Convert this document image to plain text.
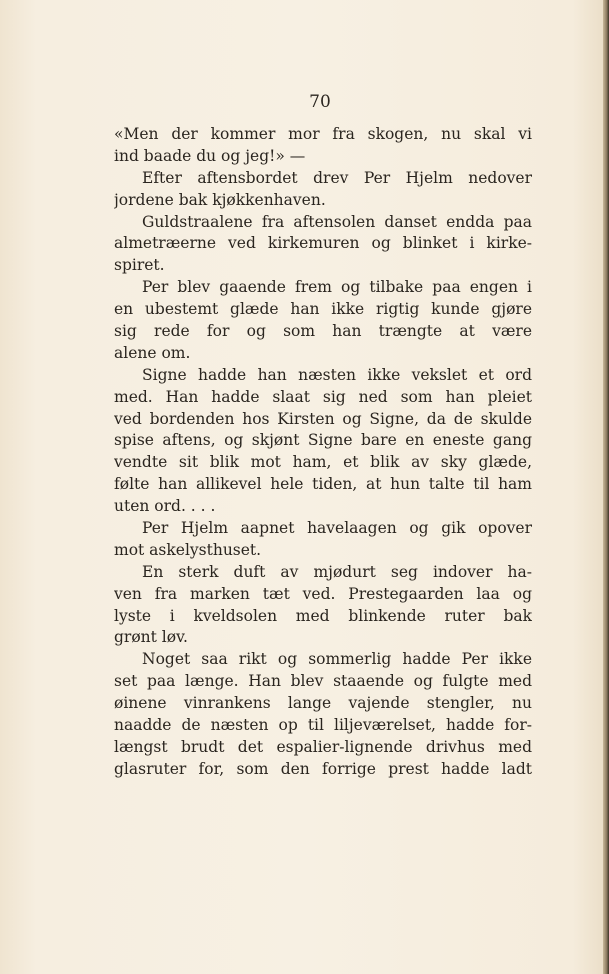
70
«Men der kommer mor fra skogen, nu skal vi
ind baade du og jeg!» —
Efter aftensbordet drev Per Hjelm nedover
jordene bak kjøkkenhaven.
Guldstraalene fra aftensolen danset endda paa
almetræerne ved kirkemuren og blinket i kirke-
spiret.
Per blev gaaende frem og tilbake paa engen i
en ubestemt glæde han ikke rigtig kunde gjøre
sig rede for og som han trængte at være
alene om.
Signe hadde han næsten ikke vekslet et ord
med. Han hadde slaat sig ned som han pleiet
ved bordenden hos Kirsten og Signe, da de skulde
spise aftens, og skjønt Signe bare en eneste gang
vendte sit blik mot ham, et blik av sky glæde,
følte han allikevel hele tiden, at hun talte til ham
uten ord. . . .
Per Hjelm aapnet havelaagen og gik opover
mot askelysthuset.
En sterk duft av mjødurt seg indover ha-
ven fra marken tæt ved. Prestegaarden laa og
lyste i kveldsolen med blinkende ruter bak
grønt løv.
Noget saa rikt og sommerlig hadde Per ikke
set paa længe. Han blev staaende og fulgte med
øinene vinrankens lange vajende stengler, nu
naadde de næsten op til liljeværelset, hadde for-
længst brudt det espalier-lignende drivhus med
glasruter for, som den forrige prest hadde ladt
